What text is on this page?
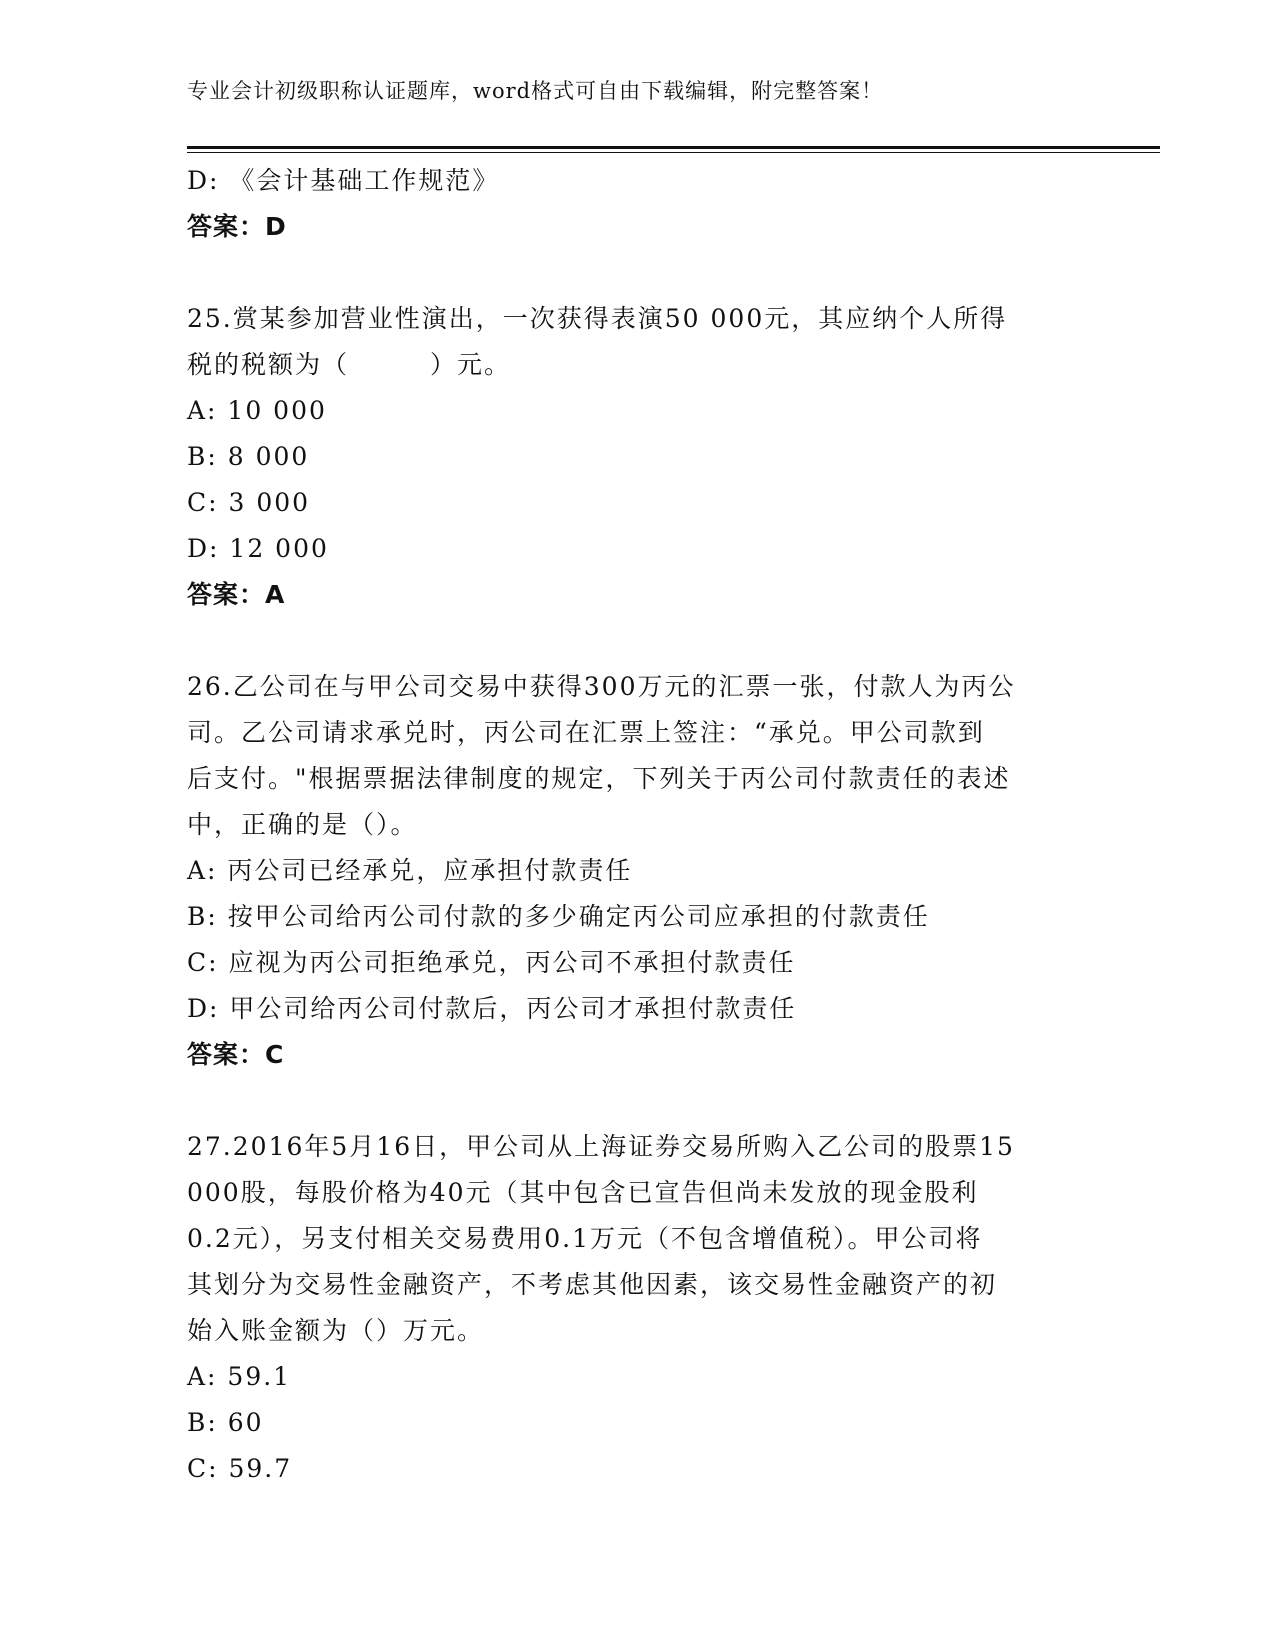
专业会计初级职称认证题库，word格式可自由下载编辑，附完整答案！
D: 《会计基础工作规范》
答案：D
25.赏某参加营业性演出，一次获得表演50 000元，其应纳个人所得
税的税额为（　　　）元。
A: 10 000
B: 8 000
C: 3 000
D: 12 000
答案：A
26.乙公司在与甲公司交易中获得300万元的汇票一张，付款人为丙公
司。乙公司请求承兑时，丙公司在汇票上签注：“承兑。甲公司款到
后支付。"根据票据法律制度的规定，下列关于丙公司付款责任的表述
中，正确的是（）。
A: 丙公司已经承兑，应承担付款责任
B: 按甲公司给丙公司付款的多少确定丙公司应承担的付款责任
C: 应视为丙公司拒绝承兑，丙公司不承担付款责任
D: 甲公司给丙公司付款后，丙公司才承担付款责任
答案：C
27.2016年5月16日，甲公司从上海证券交易所购入乙公司的股票15
000股，每股价格为40元（其中包含已宣告但尚未发放的现金股利
0.2元），另支付相关交易费用0.1万元（不包含增值税）。甲公司将
其划分为交易性金融资产，不考虑其他因素，该交易性金融资产的初
始入账金额为（）万元。
A: 59.1
B: 60
C: 59.7
